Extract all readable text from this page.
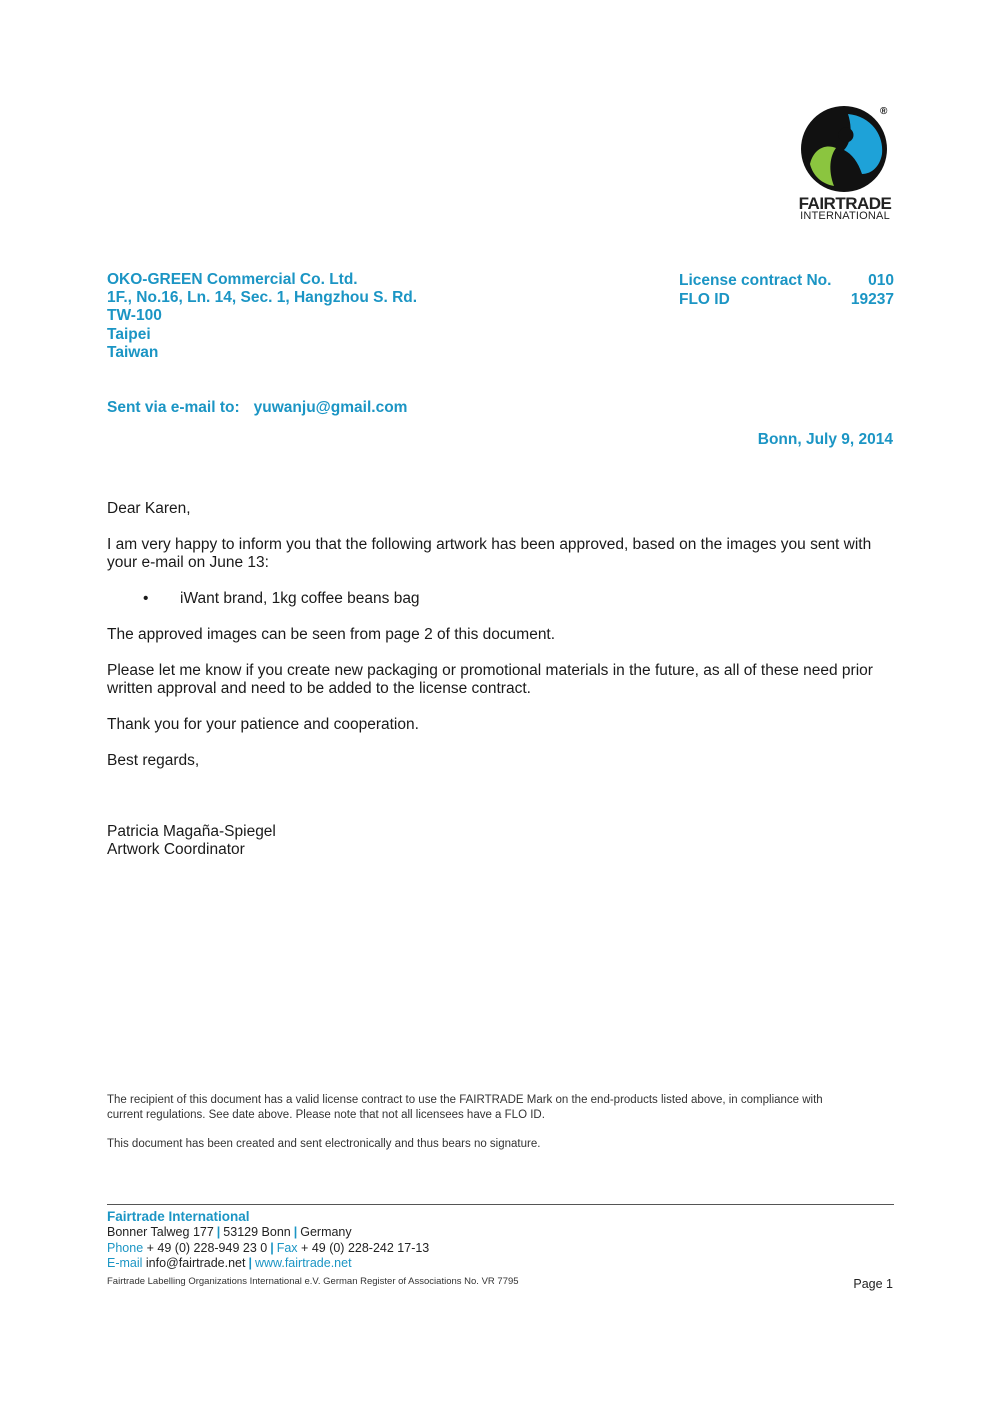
®
FAIRTRADE
INTERNATIONAL
OKO-GREEN Commercial Co. Ltd.
1F., No.16, Ln. 14, Sec. 1, Hangzhou S. Rd.
TW-100
Taipei
Taiwan
License contract No. 010
FLO ID	19237
Sent via e-mail to: yuwanju@gmail.com
Bonn, July 9, 2014
Dear Karen,
I am very happy to inform you that the following artwork has been approved, based on the images you sent with your e-mail on June 13:
• iWant brand, 1kg coffee beans bag
The approved images can be seen from page 2 of this document.
Please let me know if you create new packaging or promotional materials in the future, as all of these need prior written approval and need to be added to the license contract.
Thank you for your patience and cooperation.
Best regards,
Patricia Magaña-Spiegel
Artwork Coordinator
The recipient of this document has a valid license contract to use the FAIRTRADE Mark on the end-products listed above, in compliance with current regulations. See date above. Please note that not all licensees have a FLO ID.
This document has been created and sent electronically and thus bears no signature.
Fairtrade International
Bonner Talweg 177 | 53129 Bonn | Germany
Phone + 49 (0) 228-949 23 0 | Fax + 49 (0) 228-242 17-13
E-mail info@fairtrade.net | www.fairtrade.net
Fairtrade Labelling Organizations International e.V. German Register of Associations No. VR 7795	Page 1
